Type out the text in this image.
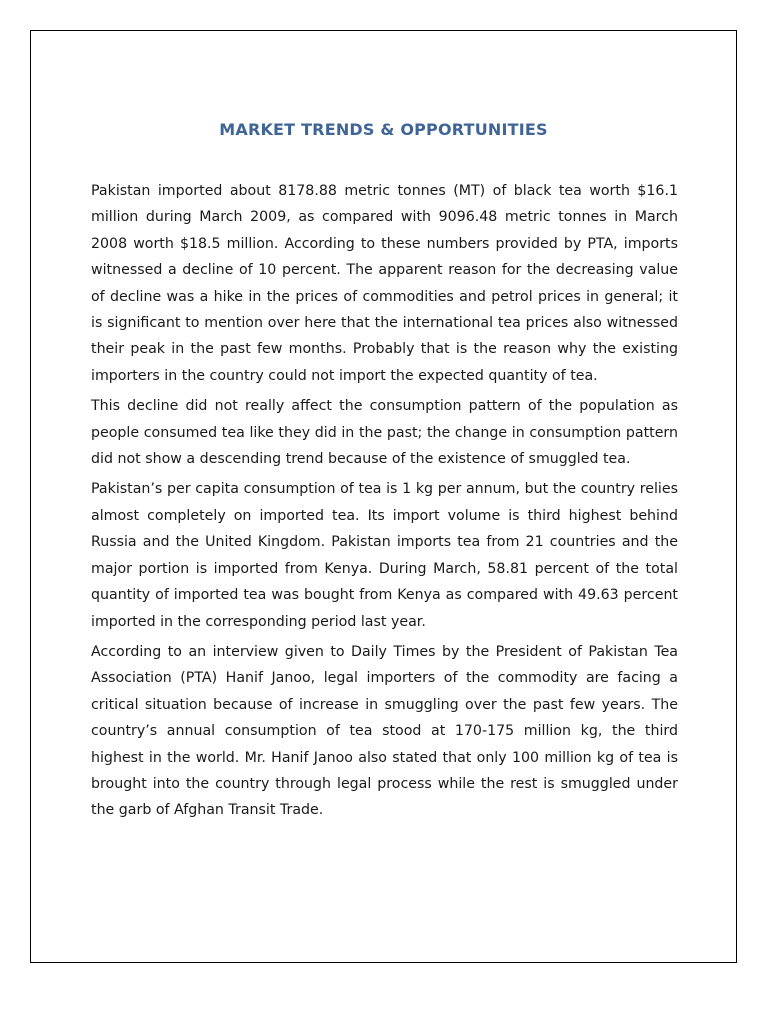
MARKET TRENDS & OPPORTUNITIES

Pakistan imported about 8178.88 metric tonnes (MT) of black tea worth $16.1 million during March 2009, as compared with 9096.48 metric tonnes in March 2008 worth $18.5 million. According to these numbers provided by PTA, imports witnessed a decline of 10 percent. The apparent reason for the decreasing value of decline was a hike in the prices of commodities and petrol prices in general; it is significant to mention over here that the international tea prices also witnessed their peak in the past few months. Probably that is the reason why the existing importers in the country could not import the expected quantity of tea.

This decline did not really affect the consumption pattern of the population as people consumed tea like they did in the past; the change in consumption pattern did not show a descending trend because of the existence of smuggled tea.

Pakistan’s per capita consumption of tea is 1 kg per annum, but the country relies almost completely on imported tea. Its import volume is third highest behind Russia and the United Kingdom. Pakistan imports tea from 21 countries and the major portion is imported from Kenya. During March, 58.81 percent of the total quantity of imported tea was bought from Kenya as compared with 49.63 percent imported in the corresponding period last year.

According to an interview given to Daily Times by the President of Pakistan Tea Association (PTA) Hanif Janoo, legal importers of the commodity are facing a critical situation because of increase in smuggling over the past few years. The country’s annual consumption of tea stood at 170-175 million kg, the third highest in the world. Mr. Hanif Janoo also stated that only 100 million kg of tea is brought into the country through legal process while the rest is smuggled under the garb of Afghan Transit Trade.
